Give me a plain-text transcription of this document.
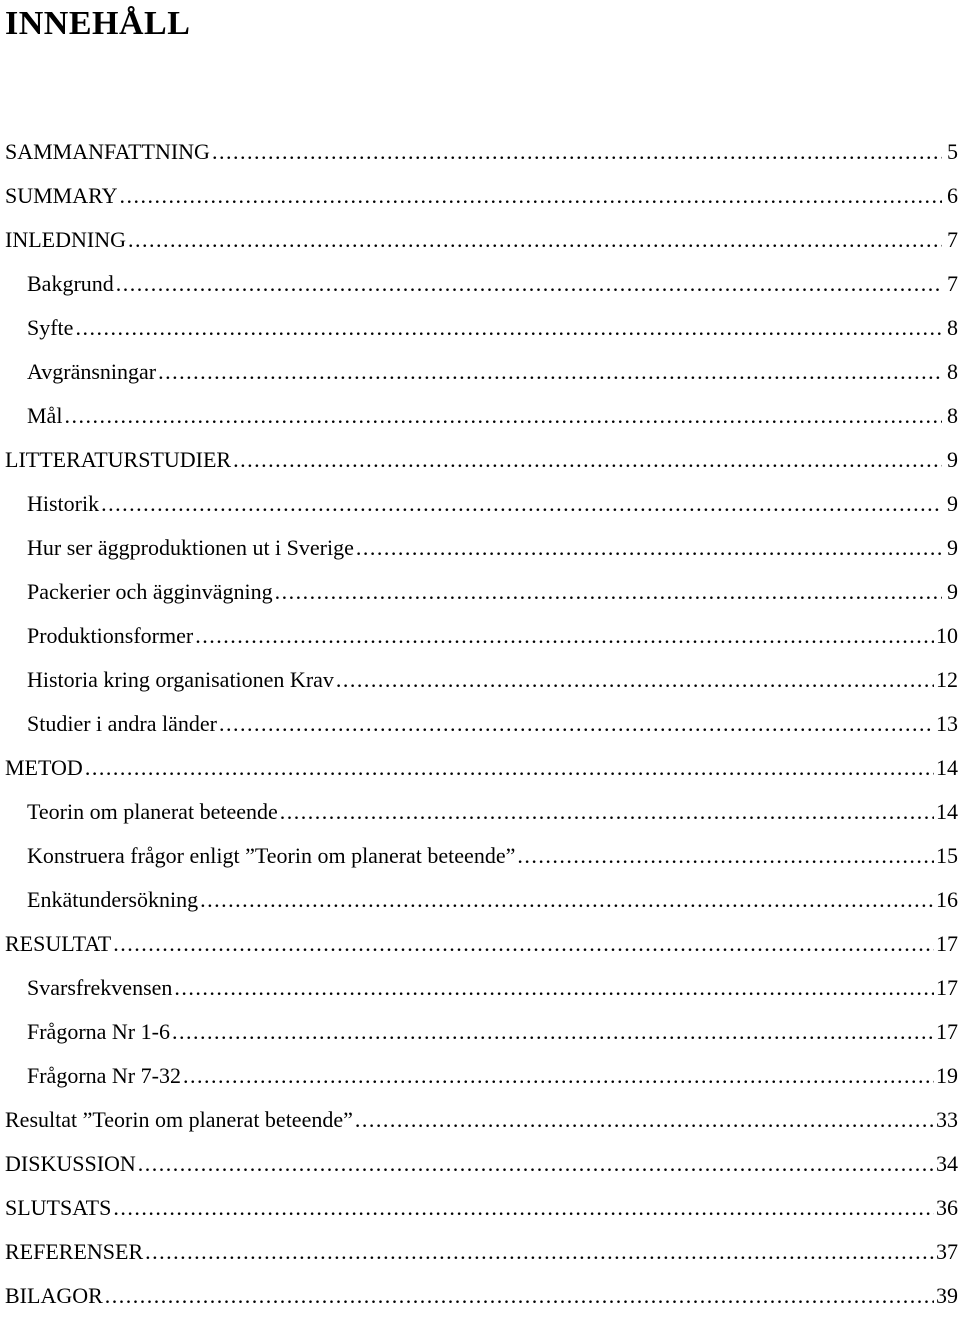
INNEHÅLL
SAMMANFATTNING .....	5
SUMMARY .....	6
INLEDNING .....	7
Bakgrund .....	7
Syfte .....	8
Avgränsningar .....	8
Mål .....	8
LITTERATURSTUDIER .....	9
Historik .....	9
Hur ser äggproduktionen ut i Sverige .....	9
Packerier och ägginvägning .....	9
Produktionsformer .....	10
Historia kring organisationen Krav .....	12
Studier i andra länder .....	13
METOD .....	14
Teorin om planerat beteende .....	14
Konstruera frågor enligt ”Teorin om planerat beteende” .....	15
Enkätundersökning .....	16
RESULTAT .....	17
Svarsfrekvensen .....	17
Frågorna Nr 1-6 .....	17
Frågorna Nr 7-32 .....	19
Resultat ”Teorin om planerat beteende” .....	33
DISKUSSION .....	34
SLUTSATS .....	36
REFERENSER .....	37
BILAGOR .....	39
